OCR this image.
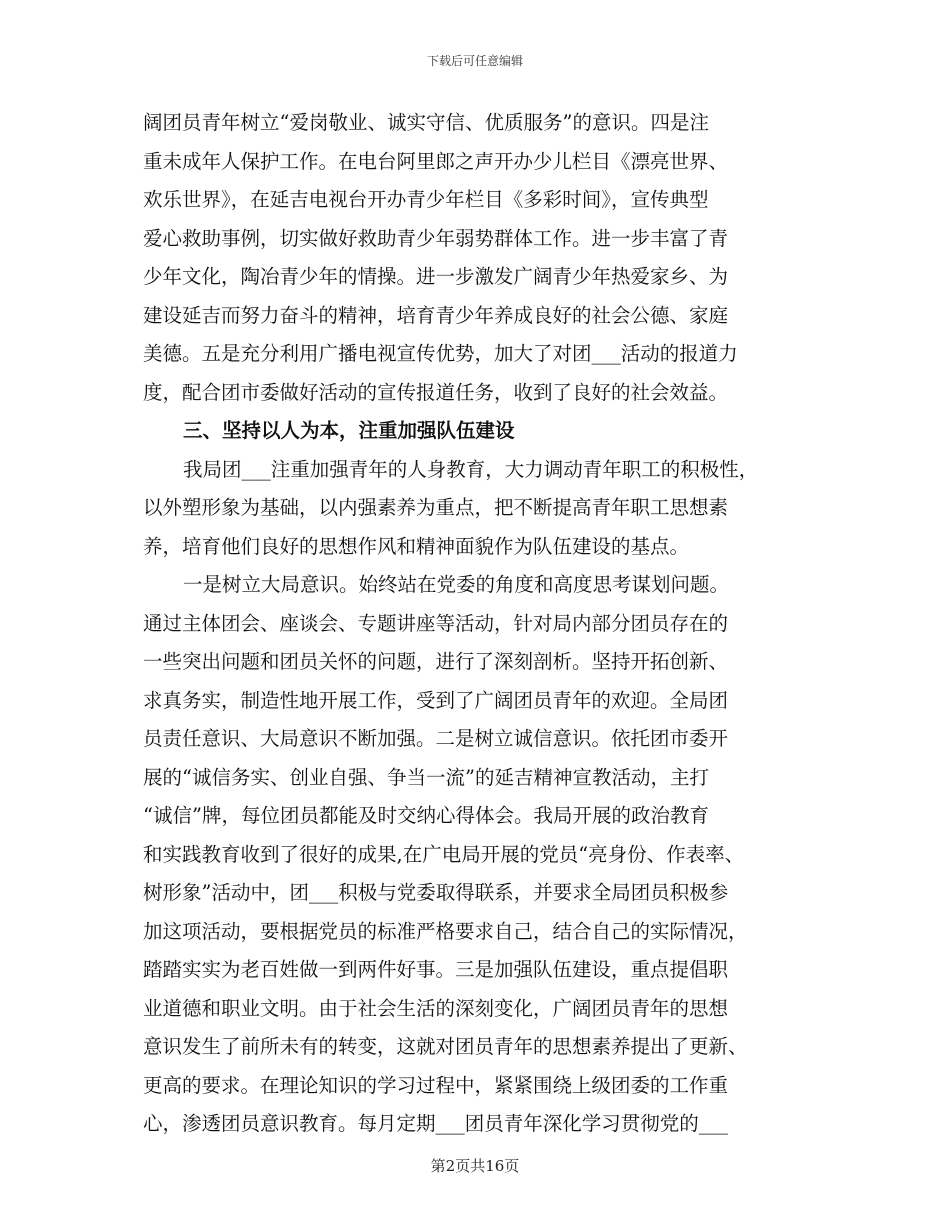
下载后可任意编辑
阔团员青年树立“爱岗敬业、诚实守信、优质服务”的意识。四是注
重未成年人保护工作。在电台阿里郎之声开办少儿栏目《漂亮世界、
欢乐世界》，在延吉电视台开办青少年栏目《多彩时间》，宣传典型
爱心救助事例，切实做好救助青少年弱势群体工作。进一步丰富了青
少年文化，陶冶青少年的情操。进一步激发广阔青少年热爱家乡、为
建设延吉而努力奋斗的精神，培育青少年养成良好的社会公德、家庭
美德。五是充分利用广播电视宣传优势，加大了对团___活动的报道力
度，配合团市委做好活动的宣传报道任务，收到了良好的社会效益。
三、坚持以人为本，注重加强队伍建设
我局团___注重加强青年的人身教育，大力调动青年职工的积极性，
以外塑形象为基础，以内强素养为重点，把不断提高青年职工思想素
养，培育他们良好的思想作风和精神面貌作为队伍建设的基点。
一是树立大局意识。始终站在党委的角度和高度思考谋划问题。
通过主体团会、座谈会、专题讲座等活动，针对局内部分团员存在的
一些突出问题和团员关怀的问题，进行了深刻剖析。坚持开拓创新、
求真务实，制造性地开展工作，受到了广阔团员青年的欢迎。全局团
员责任意识、大局意识不断加强。二是树立诚信意识。依托团市委开
展的“诚信务实、创业自强、争当一流”的延吉精神宣教活动，主打
“诚信”牌，每位团员都能及时交纳心得体会。我局开展的政治教育
和实践教育收到了很好的成果,在广电局开展的党员“亮身份、作表率、
树形象”活动中，团___积极与党委取得联系，并要求全局团员积极参
加这项活动，要根据党员的标准严格要求自己，结合自己的实际情况，
踏踏实实为老百姓做一到两件好事。三是加强队伍建设，重点提倡职
业道德和职业文明。由于社会生活的深刻变化，广阔团员青年的思想
意识发生了前所未有的转变，这就对团员青年的思想素养提出了更新、
更高的要求。在理论知识的学习过程中，紧紧围绕上级团委的工作重
心，渗透团员意识教育。每月定期___团员青年深化学习贯彻党的___
第2页共16页
